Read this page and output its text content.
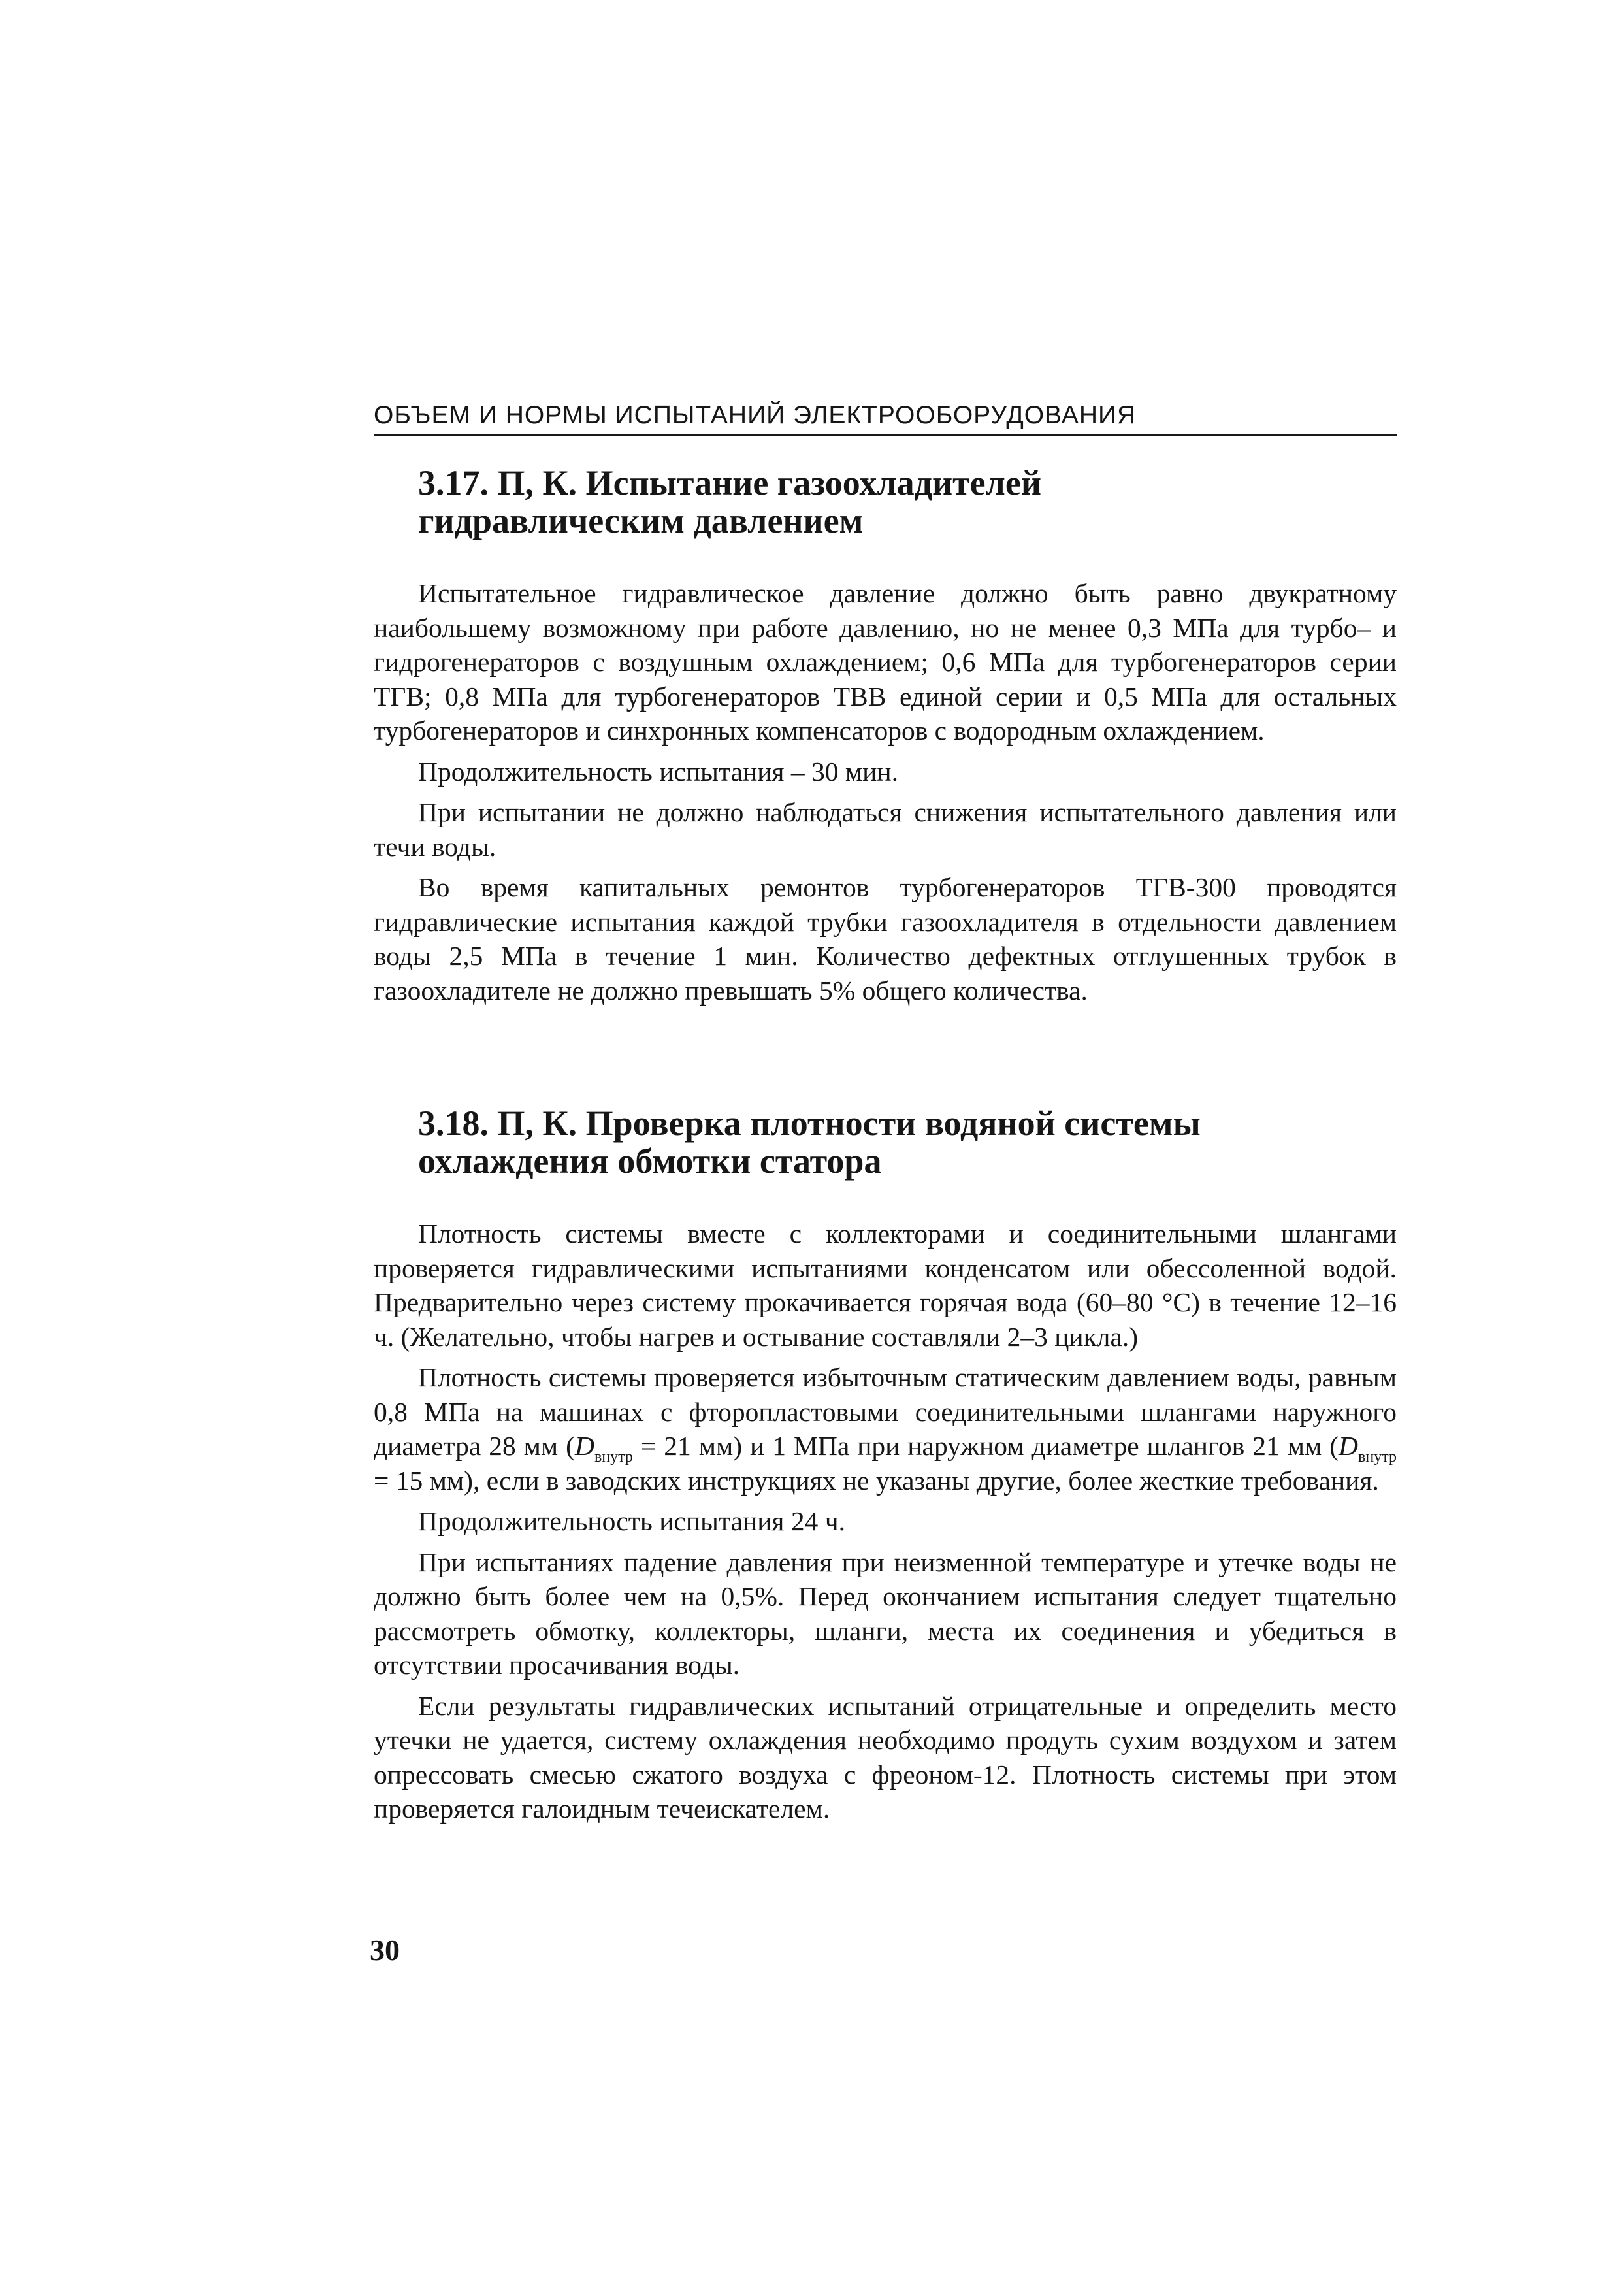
ОБЪЕМ И НОРМЫ ИСПЫТАНИЙ ЭЛЕКТРООБОРУДОВАНИЯ
3.17. П, К. Испытание газоохладителей
гидравлическим давлением

Испытательное гидравлическое давление должно быть равно двукратному наибольшему возможному при работе давлению, но не менее 0,3 МПа для турбо– и гидрогенераторов с воздушным охлаждением; 0,6 МПа для турбогенераторов серии ТГВ; 0,8 МПа для турбогенераторов ТВВ единой серии и 0,5 МПа для остальных турбогенераторов и синхронных компенсаторов с водородным охлаждением.

Продолжительность испытания – 30 мин.

При испытании не должно наблюдаться снижения испытательного давления или течи воды.

Во время капитальных ремонтов турбогенераторов ТГВ-300 проводятся гидравлические испытания каждой трубки газоохладителя в отдельности давлением воды 2,5 МПа в течение 1 мин. Количество дефектных отглушенных трубок в газоохладителе не должно превышать 5% общего количества.

3.18. П, К. Проверка плотности водяной системы
охлаждения обмотки статора

Плотность системы вместе с коллекторами и соединительными шлангами проверяется гидравлическими испытаниями конденсатом или обессоленной водой. Предварительно через систему прокачивается горячая вода (60–80 °С) в течение 12–16 ч. (Желательно, чтобы нагрев и остывание составляли 2–3 цикла.)

Плотность системы проверяется избыточным статическим давлением воды, равным 0,8 МПа на машинах с фторопластовыми соединительными шлангами наружного диаметра 28 мм ($D_{внутр} = 21$ мм) и 1 МПа при наружном диаметре шлангов 21 мм ($D_{внутр} = 15$ мм), если в заводских инструкциях не указаны другие, более жесткие требования.

Продолжительность испытания 24 ч.

При испытаниях падение давления при неизменной температуре и утечке воды не должно быть более чем на 0,5%. Перед окончанием испытания следует тщательно рассмотреть обмотку, коллекторы, шланги, места их соединения и убедиться в отсутствии просачивания воды.

Если результаты гидравлических испытаний отрицательные и определить место утечки не удается, систему охлаждения необходимо продуть сухим воздухом и затем опрессовать смесью сжатого воздуха с фреоном-12. Плотность системы при этом проверяется галоидным течеискателем.

30
